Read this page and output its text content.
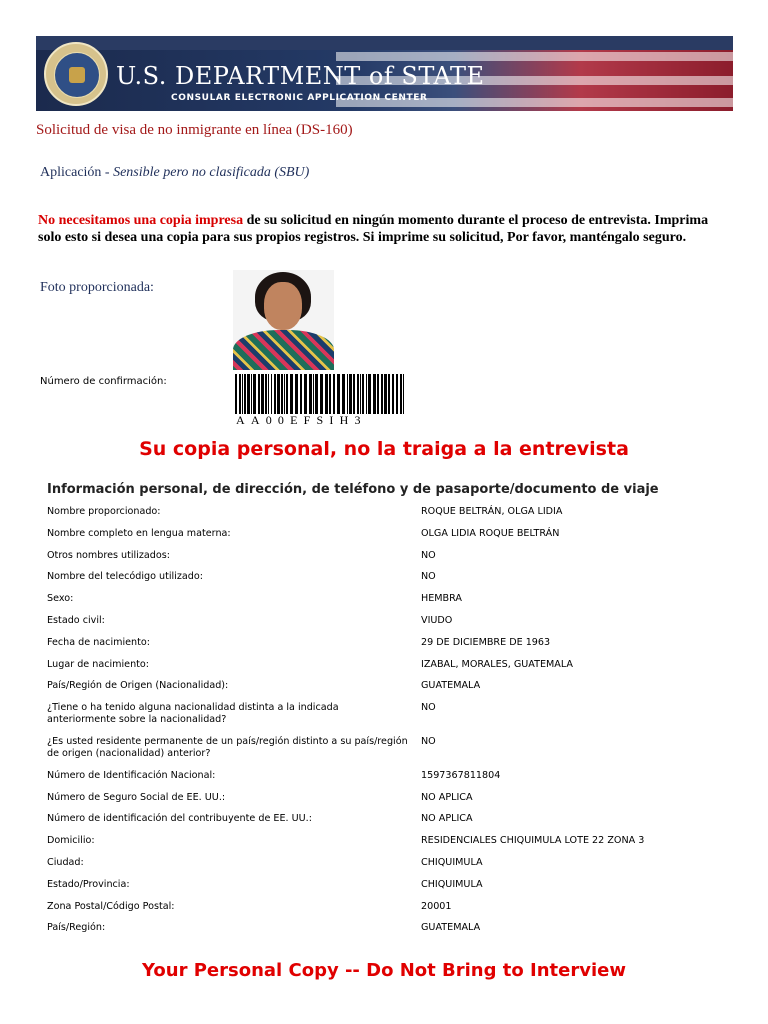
U.S. DEPARTMENT of STATE
CONSULAR ELECTRONIC APPLICATION CENTER
Solicitud de visa de no inmigrante en línea (DS-160)
Aplicación - Sensible pero no clasificada (SBU)
No necesitamos una copia impresa de su solicitud en ningún momento durante el proceso de entrevista. Imprima solo esto si desea una copia para sus propios registros. Si imprime su solicitud, Por favor, manténgalo seguro.
Foto proporcionada:
Número de confirmación:
AA00EFSIH3
Su copia personal, no la traiga a la entrevista
Información personal, de dirección, de teléfono y de pasaporte/documento de viaje
Nombre proporcionado:	ROQUE BELTRÁN, OLGA LIDIA
Nombre completo en lengua materna:	OLGA LIDIA ROQUE BELTRÁN
Otros nombres utilizados:	NO
Nombre del telecódigo utilizado:	NO
Sexo:	HEMBRA
Estado civil:	VIUDO
Fecha de nacimiento:	29 DE DICIEMBRE DE 1963
Lugar de nacimiento:	IZABAL, MORALES, GUATEMALA
País/Región de Origen (Nacionalidad):	GUATEMALA
¿Tiene o ha tenido alguna nacionalidad distinta a la indicada anteriormente sobre la nacionalidad?
NO
¿Es usted residente permanente de un país/región distinto a su país/región de origen (nacionalidad) anterior?
NO
Número de Identificación Nacional:	1597367811804
Número de Seguro Social de EE. UU.:	NO APLICA
Número de identificación del contribuyente de EE. UU.:	NO APLICA
Domicilio:	RESIDENCIALES CHIQUIMULA LOTE 22 ZONA 3
Ciudad:	CHIQUIMULA
Estado/Provincia:	CHIQUIMULA
Zona Postal/Código Postal:	20001
País/Región:	GUATEMALA
Your Personal Copy -- Do Not Bring to Interview
